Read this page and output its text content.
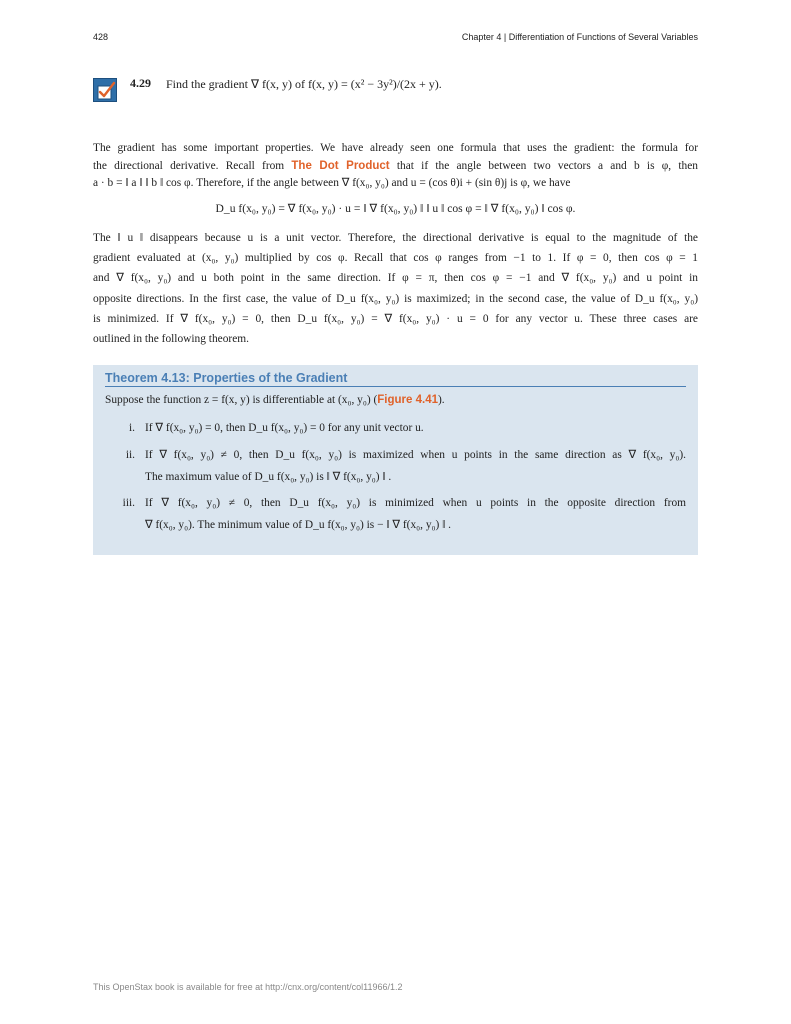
428	Chapter 4 | Differentiation of Functions of Several Variables
4.29 Find the gradient ∇ f(x, y) of f(x, y) = (x² − 3y²)/(2x + y).
The gradient has some important properties. We have already seen one formula that uses the gradient: the formula for
the directional derivative. Recall from The Dot Product that if the angle between two vectors a and b is φ, then
a · b = ‖ a ‖ ‖ b ‖ cos φ. Therefore, if the angle between ∇ f(x₀, y₀) and u = (cos θ)i + (sin θ)j is φ, we have
D_u f(x₀, y₀) = ∇ f(x₀, y₀) · u = ‖ ∇ f(x₀, y₀) ‖ ‖ u ‖ cos φ = ‖ ∇ f(x₀, y₀) ‖ cos φ.
The ‖ u ‖ disappears because u is a unit vector. Therefore, the directional derivative is equal to the magnitude of the
gradient evaluated at (x₀, y₀) multiplied by cos φ. Recall that cos φ ranges from −1 to 1. If φ = 0, then cos φ = 1
and ∇ f(x₀, y₀) and u both point in the same direction. If φ = π, then cos φ = −1 and ∇ f(x₀, y₀) and u point in
opposite directions. In the first case, the value of D_u f(x₀, y₀) is maximized; in the second case, the value of D_u f(x₀, y₀)
is minimized. If ∇ f(x₀, y₀) = 0, then D_u f(x₀, y₀) = ∇ f(x₀, y₀) · u = 0 for any vector u. These three cases are
outlined in the following theorem.
Theorem 4.13: Properties of the Gradient
Suppose the function z = f(x, y) is differentiable at (x₀, y₀) (Figure 4.41).
i. If ∇ f(x₀, y₀) = 0, then D_u f(x₀, y₀) = 0 for any unit vector u.
ii. If ∇ f(x₀, y₀) ≠ 0, then D_u f(x₀, y₀) is maximized when u points in the same direction as ∇ f(x₀, y₀).
The maximum value of D_u f(x₀, y₀) is ‖ ∇ f(x₀, y₀) ‖ .
iii. If ∇ f(x₀, y₀) ≠ 0, then D_u f(x₀, y₀) is minimized when u points in the opposite direction from
∇ f(x₀, y₀). The minimum value of D_u f(x₀, y₀) is − ‖ ∇ f(x₀, y₀) ‖ .
This OpenStax book is available for free at http://cnx.org/content/col11966/1.2
